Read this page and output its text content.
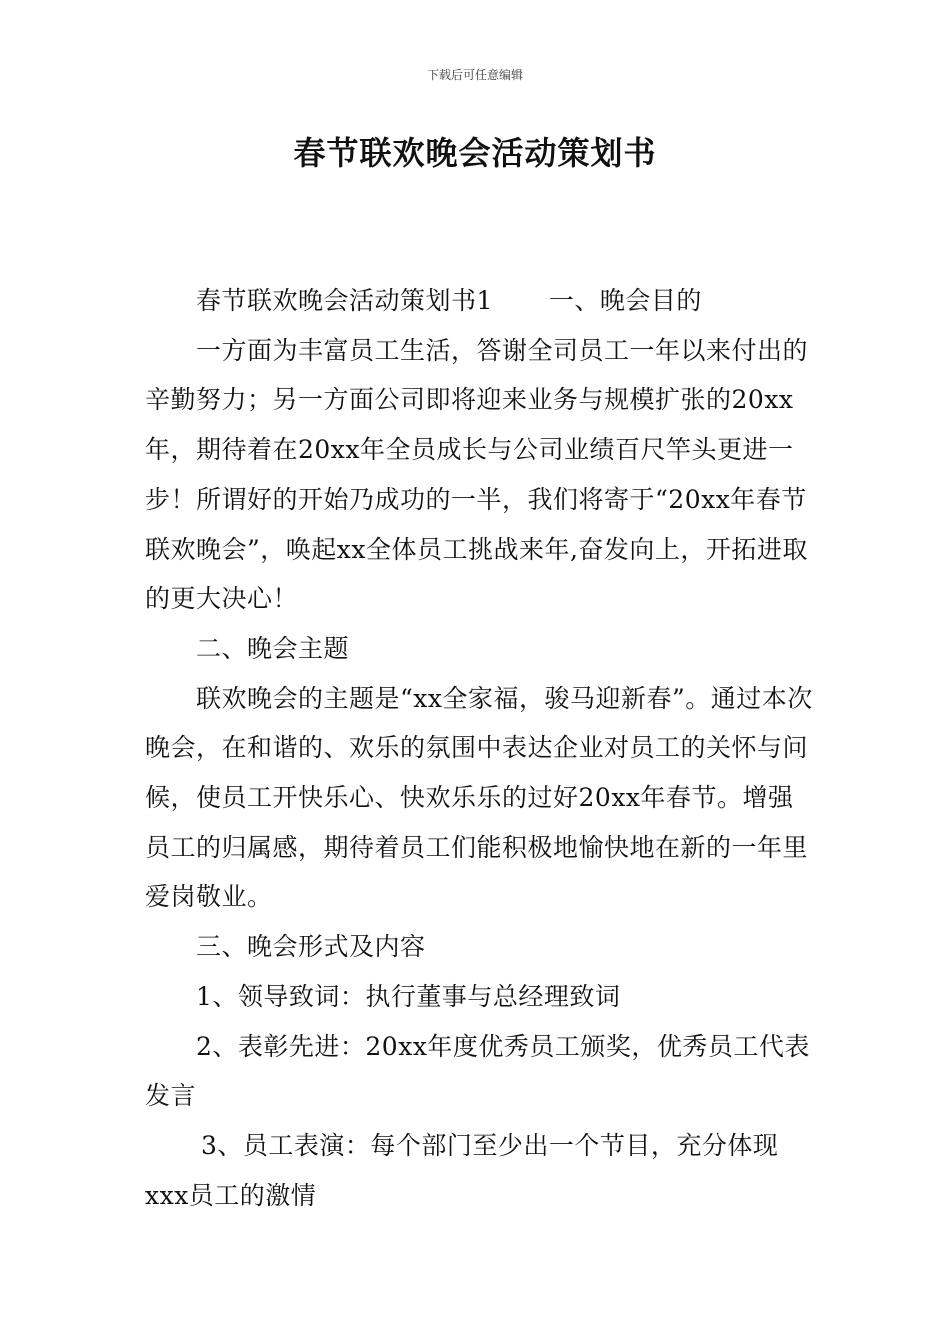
下载后可任意编辑
春节联欢晚会活动策划书

春节联欢晚会活动策划书1 一、晚会目的

一方面为丰富员工生活，答谢全司员工一年以来付出的辛勤努力；另一方面公司即将迎来业务与规模扩张的20xx年，期待着在20xx年全员成长与公司业绩百尺竿头更进一步！所谓好的开始乃成功的一半，我们将寄于“20xx年春节联欢晚会”，唤起xx全体员工挑战来年,奋发向上，开拓进取的更大决心！

二、晚会主题

联欢晚会的主题是“xx全家福，骏马迎新春”。通过本次晚会，在和谐的、欢乐的氛围中表达企业对员工的关怀与问候，使员工开快乐心、快欢乐乐的过好20xx年春节。增强员工的归属感，期待着员工们能积极地愉快地在新的一年里爱岗敬业。

三、晚会形式及内容

1、领导致词：执行董事与总经理致词

2、表彰先进：20xx年度优秀员工颁奖，优秀员工代表发言

3、员工表演：每个部门至少出一个节目，充分体现xxx员工的激情
